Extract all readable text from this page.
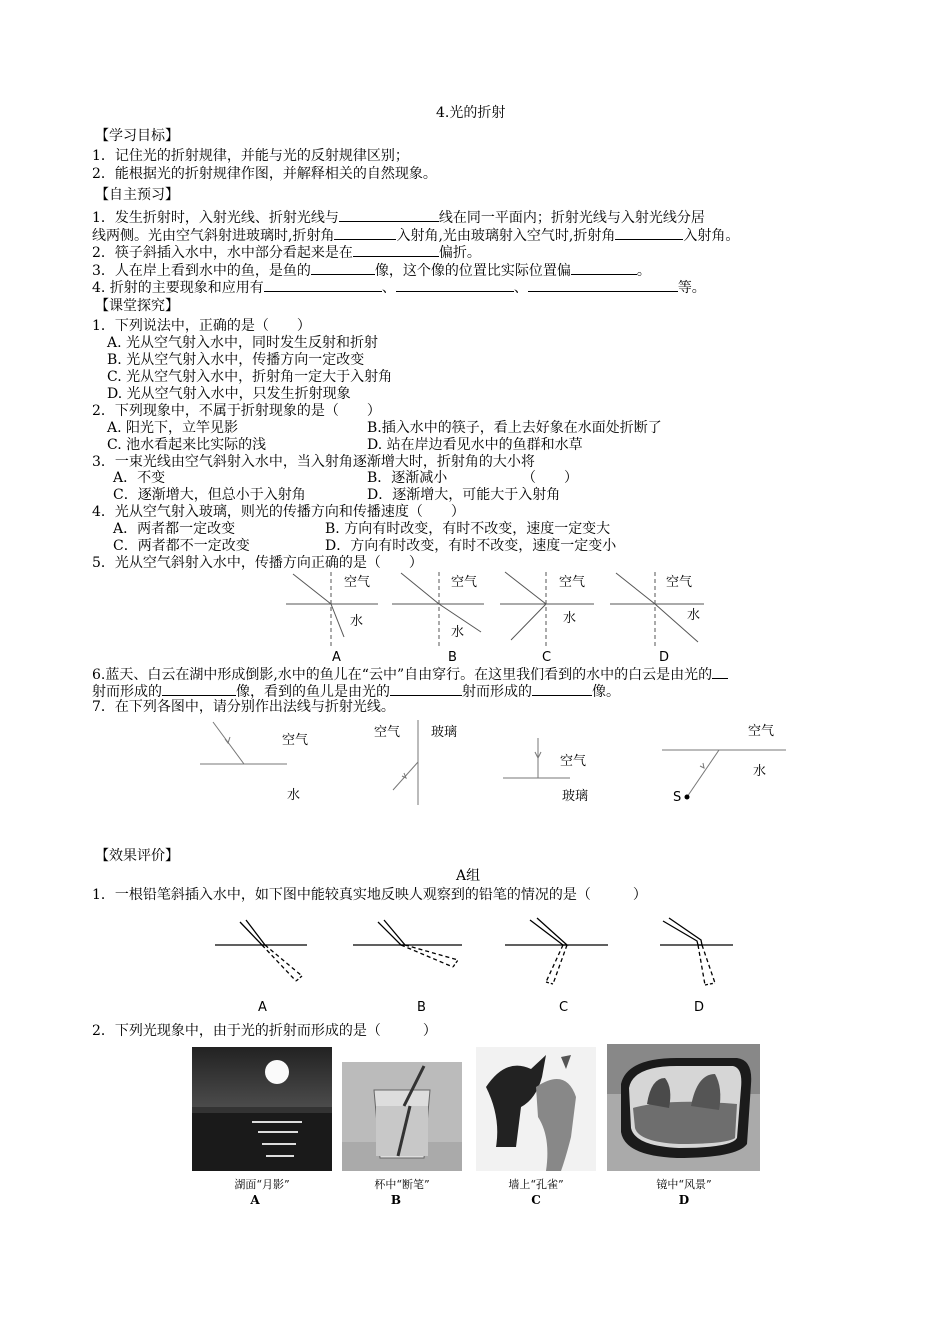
4.光的折射
【学习目标】
1．记住光的折射规律，并能与光的反射规律区别；
2．能根据光的折射规律作图，并解释相关的自然现象。
【自主预习】
1．发生折射时，入射光线、折射光线与	线在同一平面内；折射光线与入射光线分居
线两侧。光由空气斜射进玻璃时,折射角	入射角,光由玻璃射入空气时,折射角	入射角。
2．筷子斜插入水中，水中部分看起来是在	偏折。
3．人在岸上看到水中的鱼，是鱼的	像，这个像的位置比实际位置偏	。
4. 折射的主要现象和应用有	、	、	等。
【课堂探究】
1．下列说法中，正确的是（　　）
A. 光从空气射入水中，同时发生反射和折射
B. 光从空气射入水中，传播方向一定改变
C. 光从空气射入水中，折射角一定大于入射角
D. 光从空气射入水中，只发生折射现象
2．下列现象中，不属于折射现象的是（　　）
A. 阳光下，立竿见影	B.插入水中的筷子，看上去好象在水面处折断了
C. 池水看起来比实际的浅	D. 站在岸边看见水中的鱼群和水草
3．一束光线由空气斜射入水中，当入射角逐渐增大时，折射角的大小将
A．不变	B．逐渐减小	（　　）
C．逐渐增大，但总小于入射角	D．逐渐增大，可能大于入射角
4．光从空气射入玻璃，则光的传播方向和传播速度（　　）
A．两者都一定改变	B. 方向有时改变，有时不改变，速度一定变大
C．两者都不一定改变	D．方向有时改变，有时不改变，速度一定变小
5．光从空气斜射入水中，传播方向正确的是（　　）
空气
水
空气
水
空气
水
空气
水
A	B	C	D
6.蓝天、白云在湖中形成倒影,水中的鱼儿在“云中”自由穿行。在这里我们看到的水中的白云是由光的
射而形成的	像，看到的鱼儿是由光的	射而形成的	像。
7．在下列各图中，请分别作出法线与折射光线。
空气
水
空气 玻璃
空气
玻璃
空气
水
S
【效果评价】
A组
1．一根铅笔斜插入水中，如下图中能较真实地反映人观察到的铅笔的情况的是（　　　）
A	B	C	D
2．下列光现象中，由于光的折射而形成的是（　　　）
湖面“月影”	杯中“断笔”	墙上“孔雀”	镜中“风景”
A	B	C	D
